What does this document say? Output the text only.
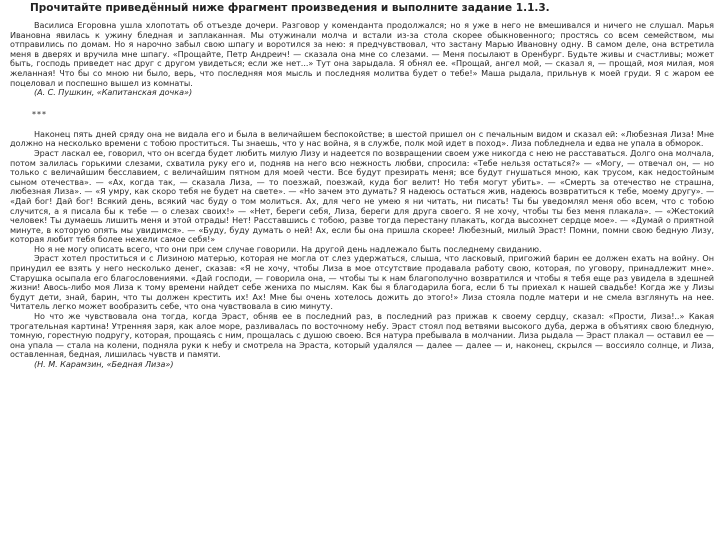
Прочитайте приведённый ниже фрагмент произведения и выполните задание 1.1.3.

Василиса Егоровна ушла хлопотать об отъезде дочери. Разговор у коменданта продолжался; но я уже в него не вмешивался и ничего не слушал. Марья Ивановна явилась к ужину бледная и заплаканная. Мы отужинали молча и встали из-за стола скорее обыкновенного; простясь со всем семейством, мы отправились по домам. Но я нарочно забыл свою шпагу и воротился за нею: я предчувствовал, что застану Марью Ивановну одну. В самом деле, она встретила меня в дверях и вручила мне шпагу. «Прощайте, Петр Андреич! — сказала она мне со слезами. — Меня посылают в Оренбург. Будьте живы и счастливы; может быть, господь приведет нас друг с другом увидеться; если же нет...» Тут она зарыдала. Я обнял ее. «Прощай, ангел мой, — сказал я, — прощай, моя милая, моя желанная! Что бы со мною ни было, верь, что последняя моя мысль и последняя молитва будет о тебе!» Маша рыдала, прильнув к моей груди. Я с жаром ее поцеловал и поспешно вышел из комнаты.

(А. С. Пушкин, «Капитанская дочка»)

***

Наконец пять дней сряду она не видала его и была в величайшем беспокойстве; в шестой пришел он с печальным видом и сказал ей: «Любезная Лиза! Мне должно на несколько времени с тобою проститься. Ты знаешь, что у нас война, я в службе, полк мой идет в поход». Лиза побледнела и едва не упала в обморок.

Эраст ласкал ее, говорил, что он всегда будет любить милую Лизу и надеется по возвращении своем уже никогда с нею не расставаться. Долго она молчала, потом залилась горькими слезами, схватила руку его и, подняв на него всю нежность любви, спросила: «Тебе нельзя остаться?» — «Могу, — отвечал он, — но только с величайшим бесславием, с величайшим пятном для моей чести. Все будут презирать меня; все будут гнушаться мною, как трусом, как недостойным сыном отечества». — «Ах, когда так, — сказала Лиза, — то поезжай, поезжай, куда бог велит! Но тебя могут убить». — «Смерть за отечество не страшна, любезная Лиза». — «Я умру, как скоро тебя не будет на свете». — «Но зачем это думать? Я надеюсь остаться жив, надеюсь возвратиться к тебе, моему другу». — «Дай бог! Дай бог! Всякий день, всякий час буду о том молиться. Ах, для чего не умею я ни читать, ни писать! Ты бы уведомлял меня обо всем, что с тобою случится, а я писала бы к тебе — о слезах своих!» — «Нет, береги себя, Лиза, береги для друга своего. Я не хочу, чтобы ты без меня плакала». — «Жестокий человек! Ты думаешь лишить меня и этой отрады! Нет! Расставшись с тобою, разве тогда перестану плакать, когда высохнет сердце мое». — «Думай о приятной минуте, в которую опять мы увидимся». — «Буду, буду думать о ней! Ах, если бы она пришла скорее! Любезный, милый Эраст! Помни, помни свою бедную Лизу, которая любит тебя более нежели самое себя!»

Но я не могу описать всего, что они при сем случае говорили. На другой день надлежало быть последнему свиданию.

Эраст хотел проститься и с Лизиною матерью, которая не могла от слез удержаться, слыша, что ласковый, пригожий барин ее должен ехать на войну. Он принудил ее взять у него несколько денег, сказав: «Я не хочу, чтобы Лиза в мое отсутствие продавала работу свою, которая, по уговору, принадлежит мне». Старушка осыпала его благословениями. «Дай господи, — говорила она, — чтобы ты к нам благополучно возвратился и чтобы я тебя еще раз увидела в здешней жизни! Авось-либо моя Лиза к тому времени найдет себе жениха по мыслям. Как бы я благодарила бога, если б ты приехал к нашей свадьбе! Когда же у Лизы будут дети, знай, барин, что ты должен крестить их! Ах! Мне бы очень хотелось дожить до этого!» Лиза стояла подле матери и не смела взглянуть на нее. Читатель легко может вообразить себе, что она чувствовала в сию минуту.

Но что же чувствовала она тогда, когда Эраст, обняв ее в последний раз, в последний раз прижав к своему сердцу, сказал: «Прости, Лиза!..» Какая трогательная картина! Утренняя заря, как алое море, разливалась по восточному небу. Эраст стоял под ветвями высокого дуба, держа в объятиях свою бледную, томную, горестную подругу, которая, прощаясь с ним, прощалась с душою своею. Вся натура пребывала в молчании. Лиза рыдала — Эраст плакал — оставил ее — она упала — стала на колени, подняла руки к небу и смотрела на Эраста, который удалялся — далее — далее — и, наконец, скрылся — воссияло солнце, и Лиза, оставленная, бедная, лишилась чувств и памяти.

(Н. М. Карамзин, «Бедная Лиза»)
